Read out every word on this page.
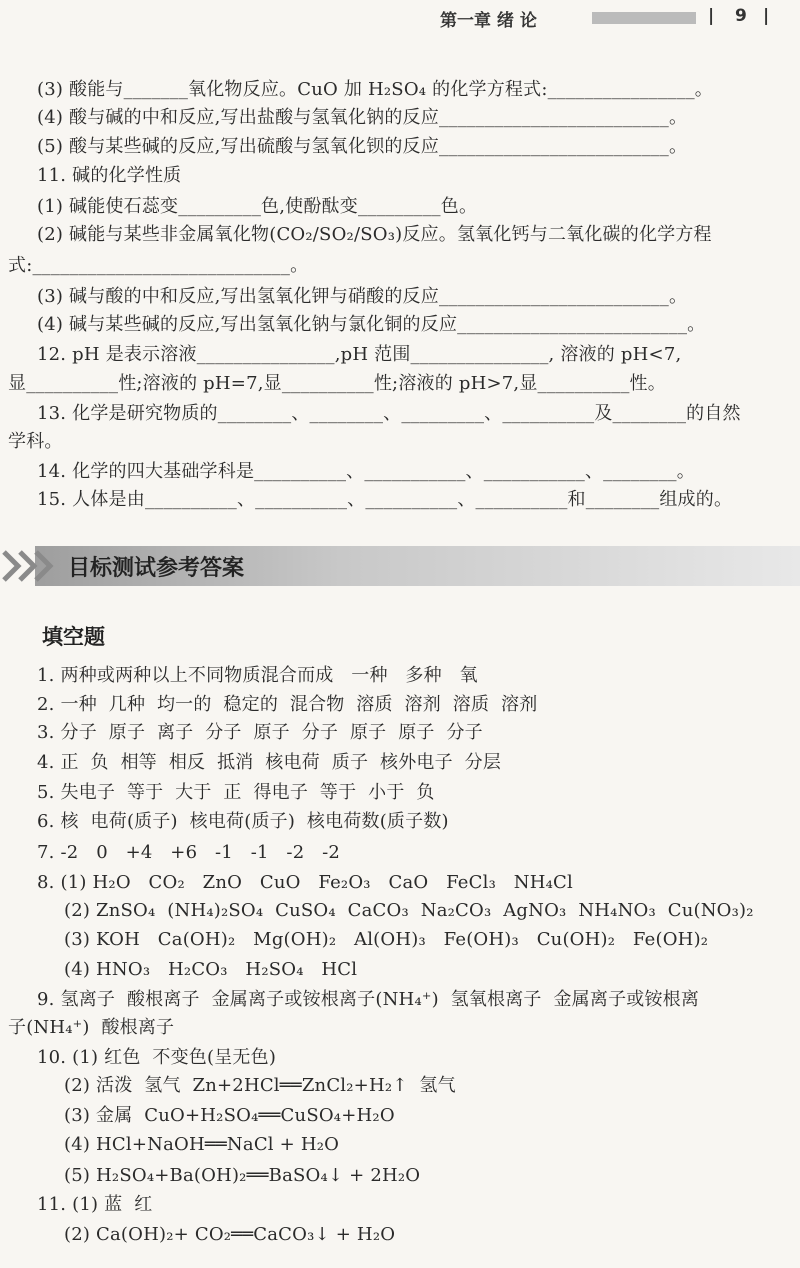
第一章 绪 论	| 9 |
(3) 酸能与_______氧化物反应。CuO 加 H₂SO₄ 的化学方程式:________________。
(4) 酸与碱的中和反应,写出盐酸与氢氧化钠的反应_________________________。
(5) 酸与某些碱的反应,写出硫酸与氢氧化钡的反应_________________________。
11. 碱的化学性质
(1) 碱能使石蕊变_________色,使酚酞变_________色。
(2) 碱能与某些非金属氧化物(CO₂/SO₂/SO₃)反应。氢氧化钙与二氧化碳的化学方程
式:____________________________。
(3) 碱与酸的中和反应,写出氢氧化钾与硝酸的反应_________________________。
(4) 碱与某些碱的反应,写出氢氧化钠与氯化铜的反应_________________________。
12. pH 是表示溶液_______________,pH 范围_______________, 溶液的 pH<7,
显__________性;溶液的 pH=7,显__________性;溶液的 pH>7,显__________性。
13. 化学是研究物质的________、________、_________、__________及________的自然
学科。
14. 化学的四大基础学科是__________、___________、___________、________。
15. 人体是由__________、__________、__________、__________和________组成的。
目标测试参考答案
填空题
1. 两种或两种以上不同物质混合而成   一种   多种   氧
2. 一种  几种  均一的  稳定的  混合物  溶质  溶剂  溶质  溶剂
3. 分子  原子  离子  分子  原子  分子  原子  原子  分子
4. 正  负  相等  相反  抵消  核电荷  质子  核外电子  分层
5. 失电子  等于  大于  正  得电子  等于  小于  负
6. 核  电荷(质子)  核电荷(质子)  核电荷数(质子数)
7. -2   0   +4   +6   -1   -1   -2   -2
8. (1) H₂O   CO₂   ZnO   CuO   Fe₂O₃   CaO   FeCl₃   NH₄Cl
(2) ZnSO₄  (NH₄)₂SO₄  CuSO₄  CaCO₃  Na₂CO₃  AgNO₃  NH₄NO₃  Cu(NO₃)₂
(3) KOH   Ca(OH)₂   Mg(OH)₂   Al(OH)₃   Fe(OH)₃   Cu(OH)₂   Fe(OH)₂
(4) HNO₃   H₂CO₃   H₂SO₄   HCl
9. 氢离子  酸根离子  金属离子或铵根离子(NH₄⁺)  氢氧根离子  金属离子或铵根离
子(NH₄⁺)  酸根离子
10. (1) 红色  不变色(呈无色)
(2) 活泼  氢气  Zn+2HCl══ZnCl₂+H₂↑  氢气
(3) 金属  CuO+H₂SO₄══CuSO₄+H₂O
(4) HCl+NaOH══NaCl + H₂O
(5) H₂SO₄+Ba(OH)₂══BaSO₄↓ + 2H₂O
11. (1) 蓝  红
(2) Ca(OH)₂+ CO₂══CaCO₃↓ + H₂O
